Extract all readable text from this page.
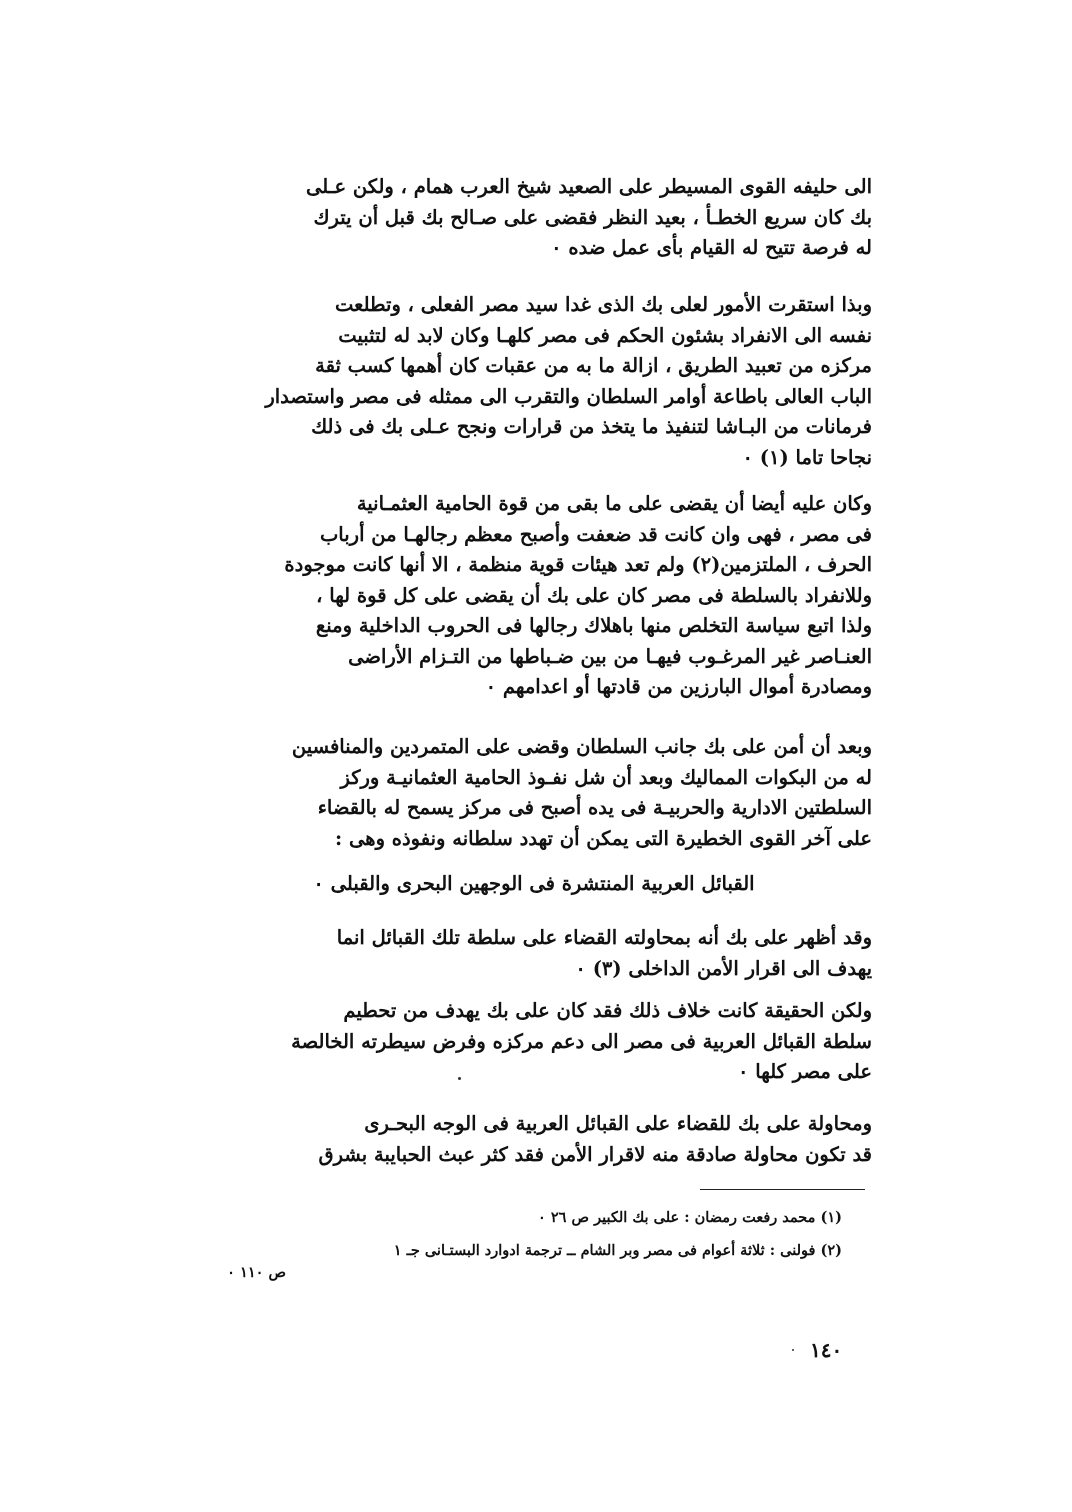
الى حليفه القوى المسيطر على الصعيد شيخ العرب همام ، ولكن عـلى
بك كان سريع الخطـأ ، بعيد النظر فقضى على صـالح بك قبل أن يترك
له فرصة تتيح له القيام بأى عمل ضده ٠
وبذا استقرت الأمور لعلى بك الذى غدا سيد مصر الفعلى ، وتطلعت
نفسه الى الانفراد بشئون الحكم فى مصر كلهـا وكان لابد له لتثبيت
مركزه من تعبيد الطريق ، ازالة ما به من عقبات كان أهمها كسب ثقة
الباب العالى باطاعة أوامر السلطان والتقرب الى ممثله فى مصر واستصدار
فرمانات من البـاشا لتنفيذ ما يتخذ من قرارات ونجح عـلى بك فى ذلك
نجاحا تاما (١) ٠
وكان عليه أيضا أن يقضى على ما بقى من قوة الحامية العثمـانية
فى مصر ، فهى وان كانت قد ضعفت وأصبح معظم رجالهـا من أرباب
الحرف ، الملتزمين(٢) ولم تعد هيئات قوية منظمة ، الا أنها كانت موجودة
وللانفراد بالسلطة فى مصر كان على بك أن يقضى على كل قوة لها ،
ولذا اتبع سياسة التخلص منها باهلاك رجالها فى الحروب الداخلية ومنع
العنـاصر غير المرغـوب فيهـا من بين ضـباطها من التـزام الأراضى
ومصادرة أموال البارزين من قادتها أو اعدامهم ٠
وبعد أن أمن على بك جانب السلطان وقضى على المتمردين والمنافسين
له من البكوات المماليك وبعد أن شل نفـوذ الحامية العثمانيـة وركز
السلطتين الادارية والحربيـة فى يده أصبح فى مركز يسمح له بالقضاء
على آخر القوى الخطيرة التى يمكن أن تهدد سلطانه ونفوذه وهى :
القبائل العربية المنتشرة فى الوجهين البحرى والقبلى ٠
وقد أظهر على بك أنه بمحاولته القضاء على سلطة تلك القبائل انما
يهدف الى اقرار الأمن الداخلى (٣) ٠
ولكن الحقيقة كانت خلاف ذلك فقد كان على بك يهدف من تحطيم
سلطة القبائل العربية فى مصر الى دعم مركزه وفرض سيطرته الخالصة
على مصر كلها ٠
ومحاولة على بك للقضاء على القبائل العربية فى الوجه البحـرى
قد تكون محاولة صادقة منه لاقرار الأمن فقد كثر عبث الحبايبة بشرق
(١) محمد رفعت رمضان : على بك الكبير ص ٢٦ ٠
(٢) فولنى : ثلاثة أعوام فى مصر وبر الشام ــ ترجمة ادوارد البستـانى جـ ١
ص ١١٠ ٠
١٤٠
